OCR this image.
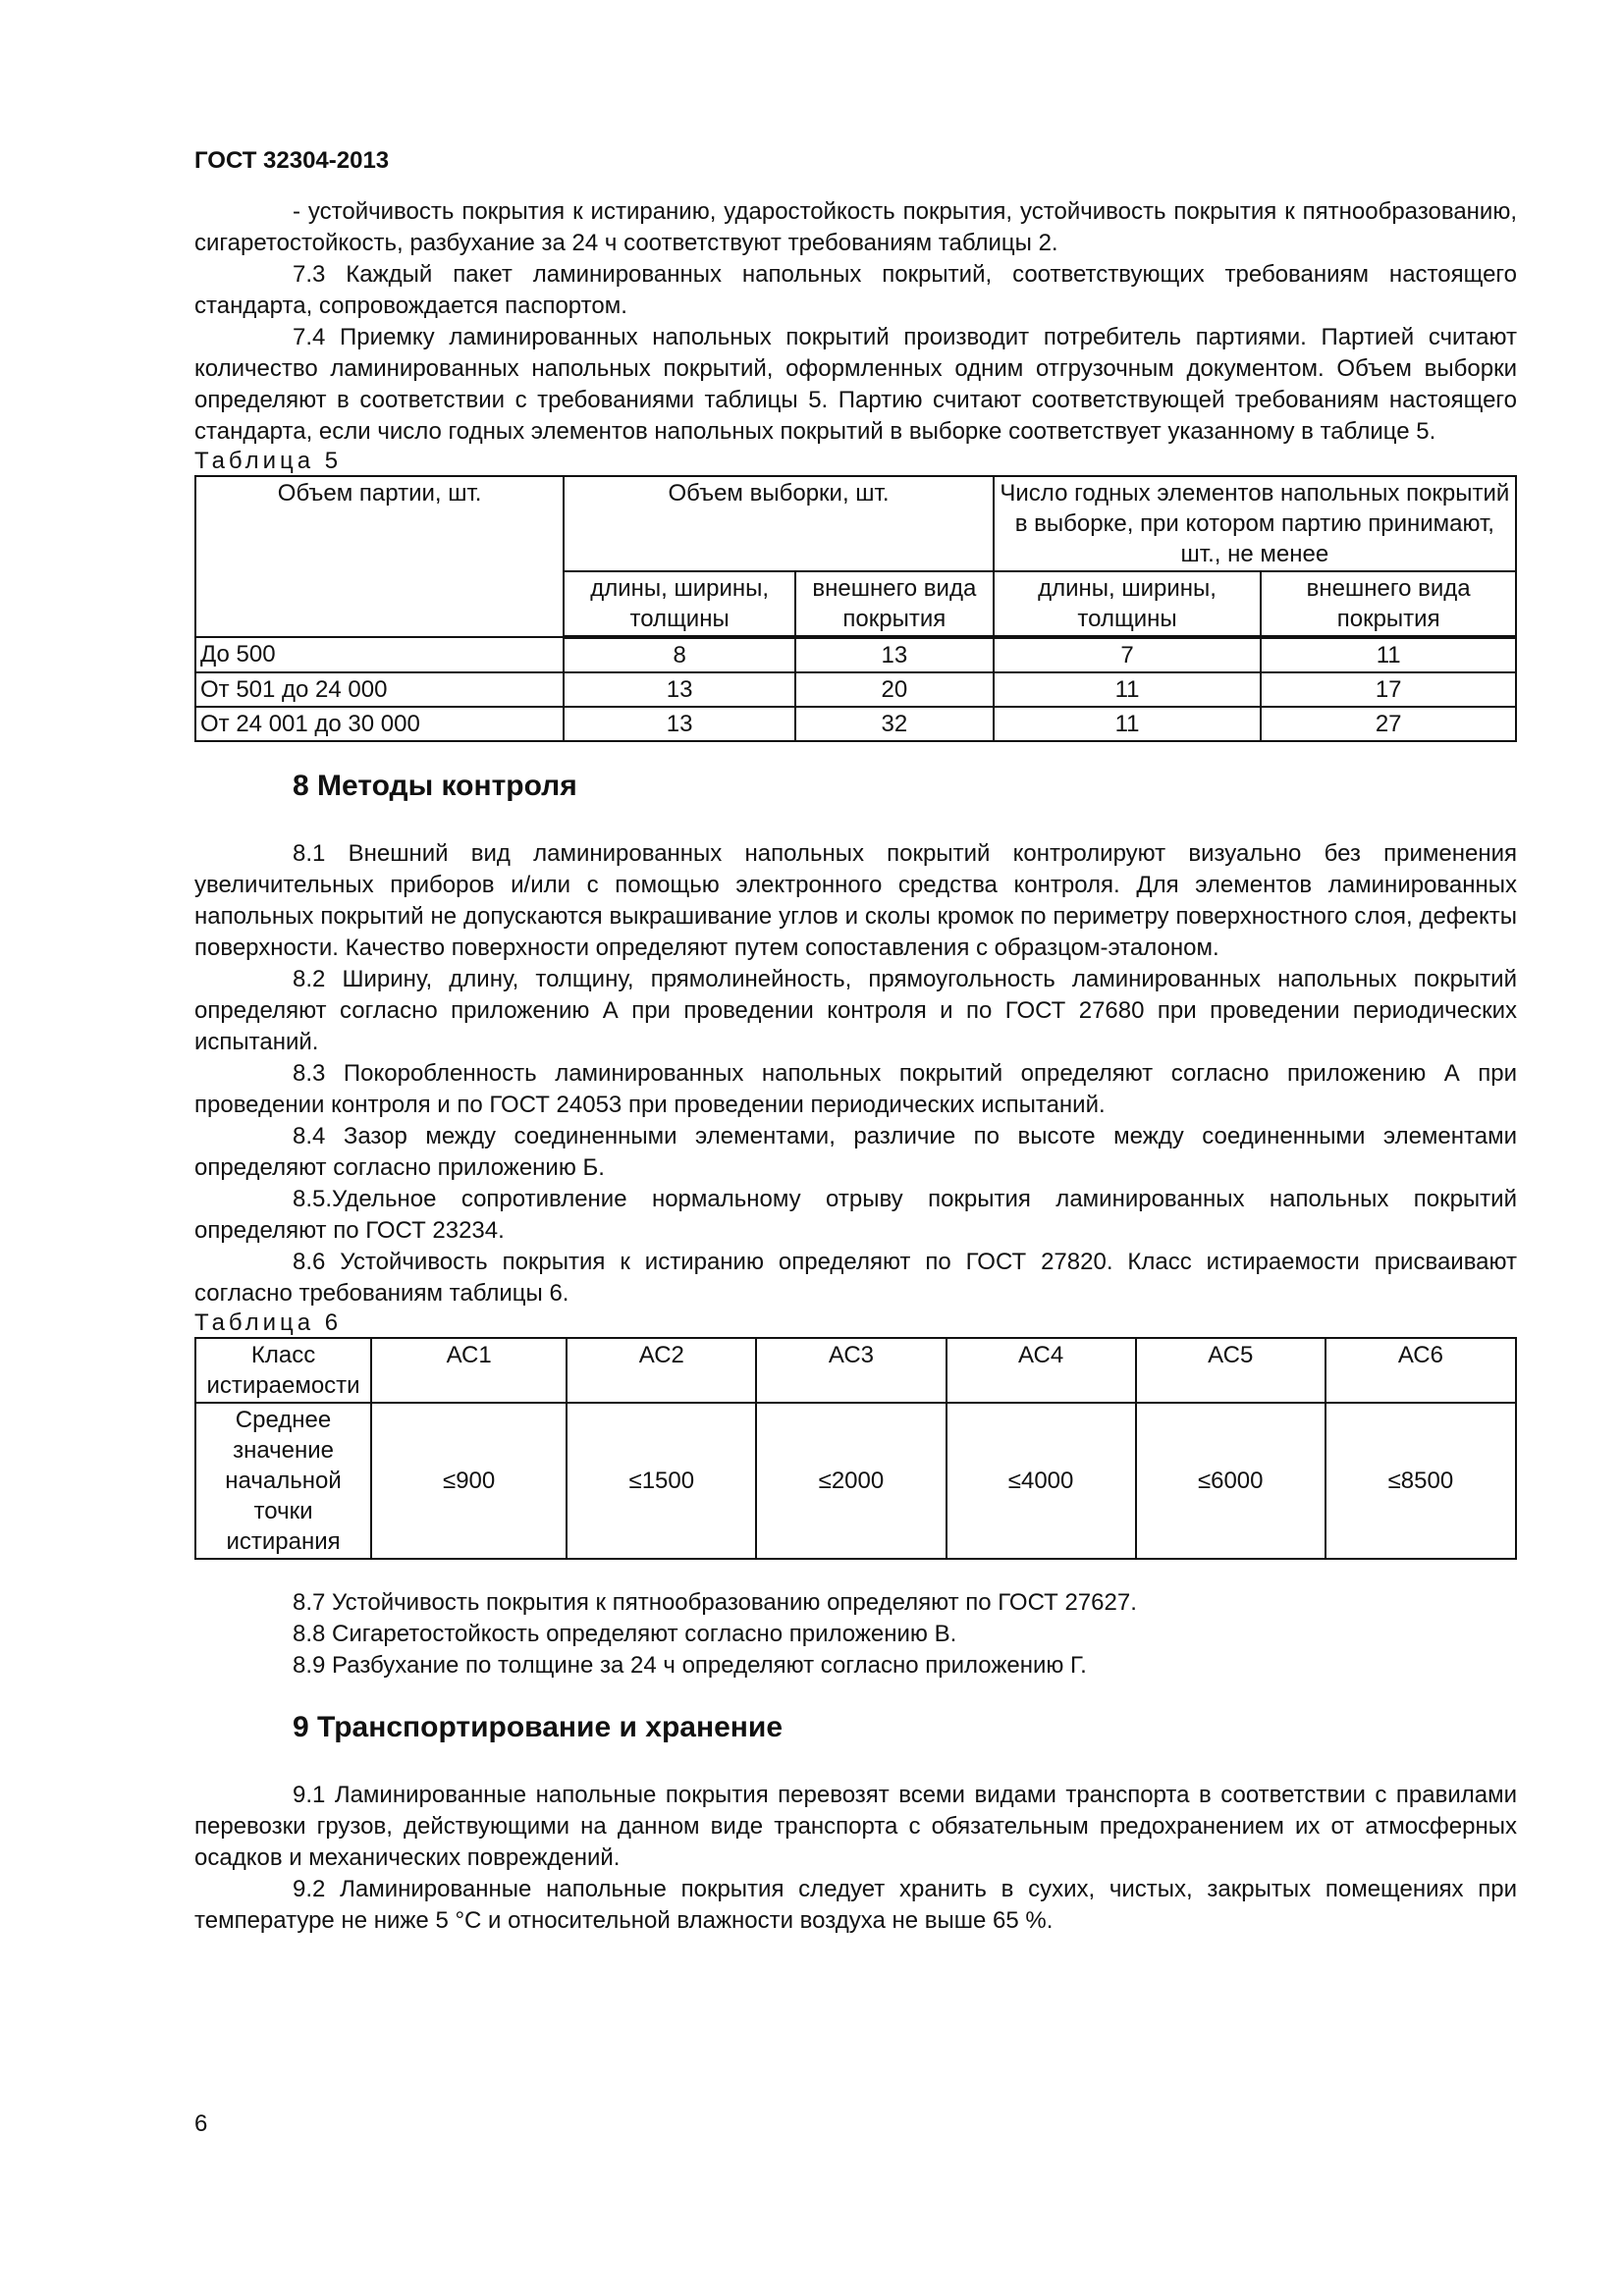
ГОСТ 32304-2013

- устойчивость покрытия к истиранию, ударостойкость покрытия, устойчивость покрытия к пятнообразованию, сигаретостойкость, разбухание за 24 ч соответствуют требованиям таблицы 2.

7.3 Каждый пакет ламинированных напольных покрытий, соответствующих требованиям настоящего стандарта, сопровождается паспортом.

7.4 Приемку ламинированных напольных покрытий производит потребитель партиями. Партией считают количество ламинированных напольных покрытий, оформленных одним отгрузочным документом. Объем выборки определяют в соответствии с требованиями таблицы 5. Партию считают соответствующей требованиям настоящего стандарта, если число годных элементов напольных покрытий в выборке соответствует указанному в таблице 5.

Таблица 5
Объем партии, шт.	Объем выборки, шт.		Число годных элементов напольных покрытий в выборке, при котором партию принимают, шт., не менее	
	длины, ширины, толщины	внешнего вида покрытия	длины, ширины, толщины	внешнего вида покрытия
До 500	8	13	7	11
От 501 до 24 000	13	20	11	17
От 24 001 до 30 000	13	32	11	27
8 Методы контроля

8.1 Внешний вид ламинированных напольных покрытий контролируют визуально без применения увеличительных приборов и/или с помощью электронного средства контроля. Для элементов ламинированных напольных покрытий не допускаются выкрашивание углов и сколы кромок по периметру поверхностного слоя, дефекты поверхности. Качество поверхности определяют путем сопоставления с образцом-эталоном.

8.2 Ширину, длину, толщину, прямолинейность, прямоугольность ламинированных напольных покрытий определяют согласно приложению А при проведении контроля и по ГОСТ 27680 при проведении периодических испытаний.

8.3 Покоробленность ламинированных напольных покрытий определяют согласно приложению А при проведении контроля и по ГОСТ 24053 при проведении периодических испытаний.

8.4 Зазор между соединенными элементами, различие по высоте между соединенными элементами определяют согласно приложению Б.

8.5.Удельное сопротивление нормальному отрыву покрытия ламинированных напольных покрытий определяют по ГОСТ 23234.

8.6 Устойчивость покрытия к истиранию определяют по ГОСТ 27820. Класс истираемости присваивают согласно требованиям таблицы 6.

Таблица 6
Класс истираемости	АС1	АС2	АС3	АС4	АС5	АС6
Среднее значение начальной точки истирания	≤900	≤1500	≤2000	≤4000	≤6000	≤8500

8.7 Устойчивость покрытия к пятнообразованию определяют по ГОСТ 27627.

8.8 Сигаретостойкость определяют согласно приложению В.

8.9 Разбухание по толщине за 24 ч определяют согласно приложению Г.

9 Транспортирование и хранение

9.1 Ламинированные напольные покрытия перевозят всеми видами транспорта в соответствии с правилами перевозки грузов, действующими на данном виде транспорта с обязательным предохранением их от атмосферных осадков и механических повреждений.

9.2 Ламинированные напольные покрытия следует хранить в сухих, чистых, закрытых помещениях при температуре не ниже 5 °С и относительной влажности воздуха не выше 65 %.

6
